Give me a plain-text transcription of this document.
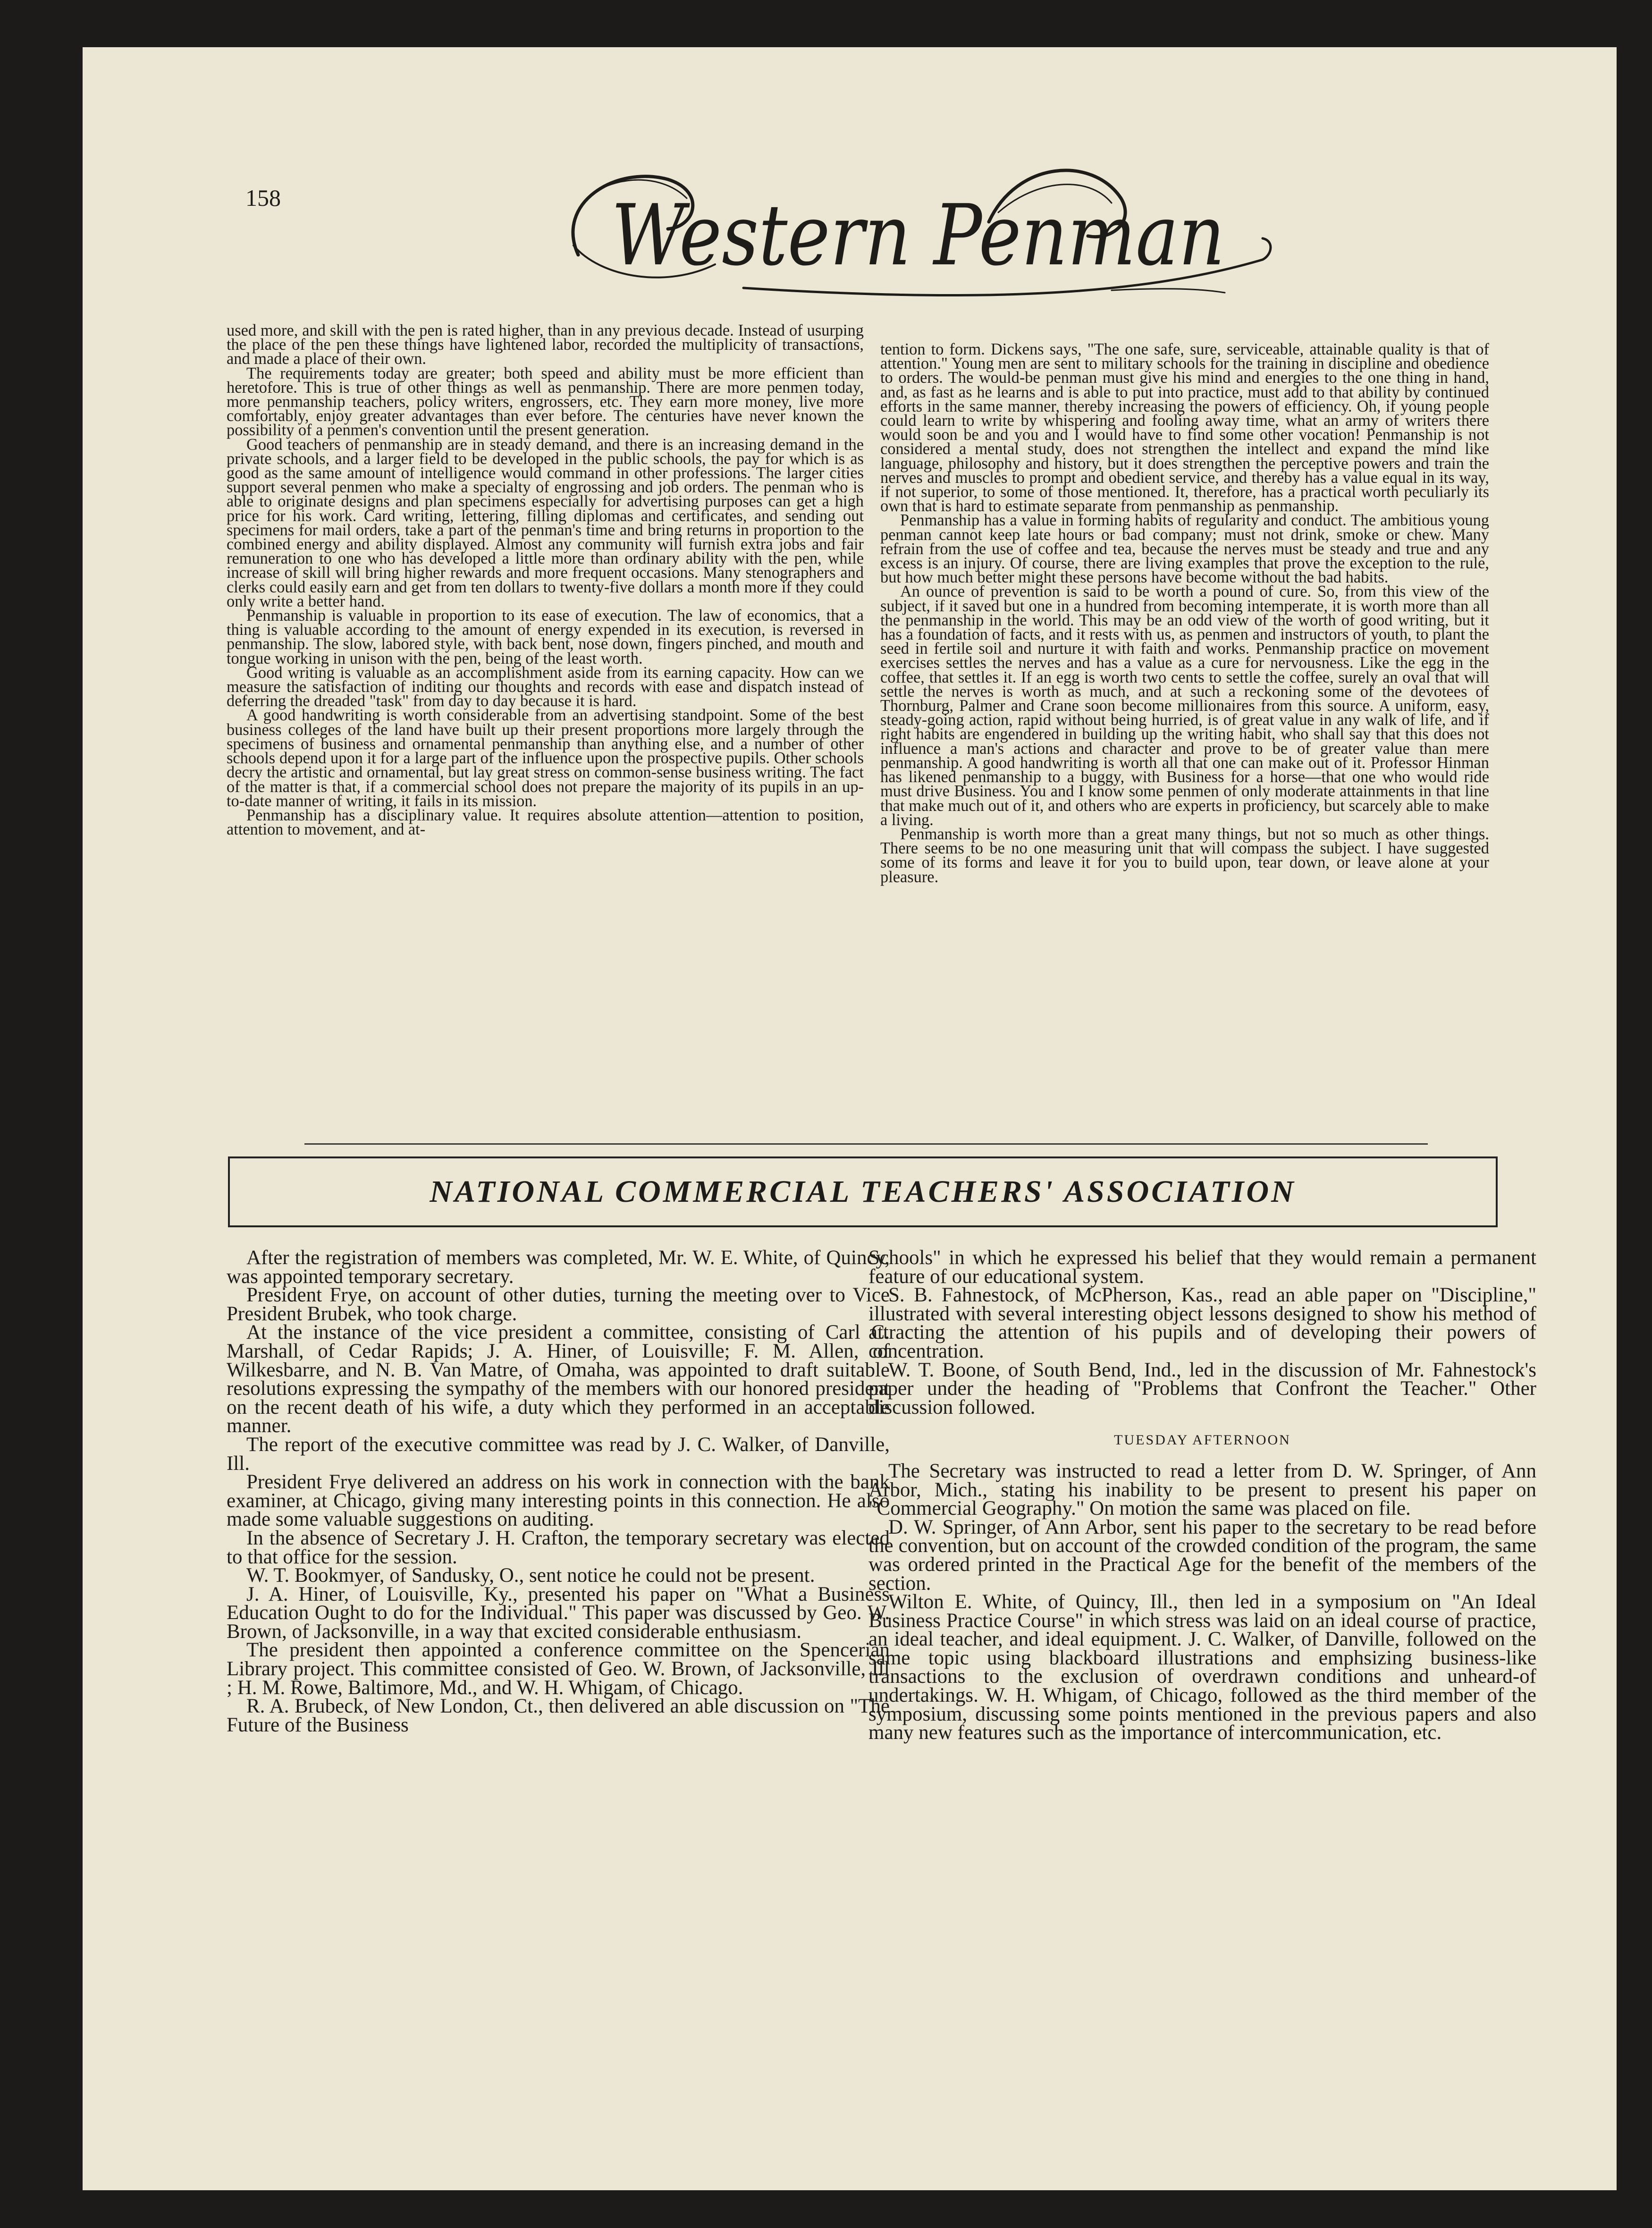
158	Western Penman

used more, and skill with the pen is rated higher, than in any previous decade. Instead of usurping the place of the pen these things have lightened labor, recorded the multiplicity of transactions, and made a place of their own.

The requirements today are greater; both speed and ability must be more efficient than heretofore. This is true of other things as well as penmanship. There are more penmen today, more penmanship teachers, policy writers, engrossers, etc. They earn more money, live more comfortably, enjoy greater advantages than ever before. The centuries have never known the possibility of a penmen's convention until the present generation.

Good teachers of penmanship are in steady demand, and there is an increasing demand in the private schools, and a larger field to be developed in the public schools, the pay for which is as good as the same amount of intelligence would command in other professions. The larger cities support several penmen who make a specialty of engrossing and job orders. The penman who is able to originate designs and plan specimens especially for advertising purposes can get a high price for his work. Card writing, lettering, filling diplomas and certificates, and sending out specimens for mail orders, take a part of the penman's time and bring returns in proportion to the combined energy and ability displayed. Almost any community will furnish extra jobs and fair remuneration to one who has developed a little more than ordinary ability with the pen, while increase of skill will bring higher rewards and more frequent occasions. Many stenographers and clerks could easily earn and get from ten dollars to twenty-five dollars a month more if they could only write a better hand.

Penmanship is valuable in proportion to its ease of execution. The law of economics, that a thing is valuable according to the amount of energy expended in its execution, is reversed in penmanship. The slow, labored style, with back bent, nose down, fingers pinched, and mouth and tongue working in unison with the pen, being of the least worth.

Good writing is valuable as an accomplishment aside from its earning capacity. How can we measure the satisfaction of inditing our thoughts and records with ease and dispatch instead of deferring the dreaded "task" from day to day because it is hard.

A good handwriting is worth considerable from an advertising standpoint. Some of the best business colleges of the land have built up their present proportions more largely through the specimens of business and ornamental penmanship than anything else, and a number of other schools depend upon it for a large part of the influence upon the prospective pupils. Other schools decry the artistic and ornamental, but lay great stress on common-sense business writing. The fact of the matter is that, if a commercial school does not prepare the majority of its pupils in an up-to-date manner of writing, it fails in its mission.

Penmanship has a disciplinary value. It requires absolute attention—attention to position, attention to movement, and at-

tention to form. Dickens says, "The one safe, sure, serviceable, attainable quality is that of attention." Young men are sent to military schools for the training in discipline and obedience to orders. The would-be penman must give his mind and energies to the one thing in hand, and, as fast as he learns and is able to put into practice, must add to that ability by continued efforts in the same manner, thereby increasing the powers of efficiency. Oh, if young people could learn to write by whispering and fooling away time, what an army of writers there would soon be and you and I would have to find some other vocation! Penmanship is not considered a mental study, does not strengthen the intellect and expand the mind like language, philosophy and history, but it does strengthen the perceptive powers and train the nerves and muscles to prompt and obedient service, and thereby has a value equal in its way, if not superior, to some of those mentioned. It, therefore, has a practical worth peculiarly its own that is hard to estimate separate from penmanship as penmanship.

Penmanship has a value in forming habits of regularity and conduct. The ambitious young penman cannot keep late hours or bad company; must not drink, smoke or chew. Many refrain from the use of coffee and tea, because the nerves must be steady and true and any excess is an injury. Of course, there are living examples that prove the exception to the rule, but how much better might these persons have become without the bad habits.

An ounce of prevention is said to be worth a pound of cure. So, from this view of the subject, if it saved but one in a hundred from becoming intemperate, it is worth more than all the penmanship in the world. This may be an odd view of the worth of good writing, but it has a foundation of facts, and it rests with us, as penmen and instructors of youth, to plant the seed in fertile soil and nurture it with faith and works. Penmanship practice on movement exercises settles the nerves and has a value as a cure for nervousness. Like the egg in the coffee, that settles it. If an egg is worth two cents to settle the coffee, surely an oval that will settle the nerves is worth as much, and at such a reckoning some of the devotees of Thornburg, Palmer and Crane soon become millionaires from this source. A uniform, easy, steady-going action, rapid without being hurried, is of great value in any walk of life, and if right habits are engendered in building up the writing habit, who shall say that this does not influence a man's actions and character and prove to be of greater value than mere penmanship. A good handwriting is worth all that one can make out of it. Professor Hinman has likened penmanship to a buggy, with Business for a horse—that one who would ride must drive Business. You and I know some penmen of only moderate attainments in that line that make much out of it, and others who are experts in proficiency, but scarcely able to make a living.

Penmanship is worth more than a great many things, but not so much as other things. There seems to be no one measuring unit that will compass the subject. I have suggested some of its forms and leave it for you to build upon, tear down, or leave alone at your pleasure.

NATIONAL COMMERCIAL TEACHERS' ASSOCIATION

After the registration of members was completed, Mr. W. E. White, of Quincy, was appointed temporary secretary.

President Frye, on account of other duties, turning the meeting over to Vice President Brubek, who took charge.

At the instance of the vice president a committee, consisting of Carl C. Marshall, of Cedar Rapids; J. A. Hiner, of Louisville; F. M. Allen, of Wilkesbarre, and N. B. Van Matre, of Omaha, was appointed to draft suitable resolutions expressing the sympathy of the members with our honored president on the recent death of his wife, a duty which they performed in an acceptable manner.

The report of the executive committee was read by J. C. Walker, of Danville, Ill.

President Frye delivered an address on his work in connection with the bank examiner, at Chicago, giving many interesting points in this connection. He also made some valuable suggestions on auditing.

In the absence of Secretary J. H. Crafton, the temporary secretary was elected to that office for the session.

W. T. Bookmyer, of Sandusky, O., sent notice he could not be present.

J. A. Hiner, of Louisville, Ky., presented his paper on "What a Business Education Ought to do for the Individual." This paper was discussed by Geo. W. Brown, of Jacksonville, in a way that excited considerable enthusiasm.

The president then appointed a conference committee on the Spencerian Library project. This committee consisted of Geo. W. Brown, of Jacksonville, Ill ; H. M. Rowe, Baltimore, Md., and W. H. Whigam, of Chicago.

R. A. Brubeck, of New London, Ct., then delivered an able discussion on "The Future of the Business

Schools" in which he expressed his belief that they would remain a permanent feature of our educational system.

S. B. Fahnestock, of McPherson, Kas., read an able paper on "Discipline," illustrated with several interesting object lessons designed to show his method of attracting the attention of his pupils and of developing their powers of concentration.

W. T. Boone, of South Bend, Ind., led in the discussion of Mr. Fahnestock's paper under the heading of "Problems that Confront the Teacher." Other discussion followed.

TUESDAY AFTERNOON

The Secretary was instructed to read a letter from D. W. Springer, of Ann Arbor, Mich., stating his inability to be present to present his paper on "Commercial Geography." On motion the same was placed on file.

D. W. Springer, of Ann Arbor, sent his paper to the secretary to be read before the convention, but on account of the crowded condition of the program, the same was ordered printed in the Practical Age for the benefit of the members of the section.

Wilton E. White, of Quincy, Ill., then led in a symposium on "An Ideal Business Practice Course" in which stress was laid on an ideal course of practice, an ideal teacher, and ideal equipment. J. C. Walker, of Danville, followed on the same topic using blackboard illustrations and emphsizing business-like transactions to the exclusion of overdrawn conditions and unheard-of undertakings. W. H. Whigam, of Chicago, followed as the third member of the symposium, discussing some points mentioned in the previous papers and also many new features such as the importance of intercommunication, etc.
